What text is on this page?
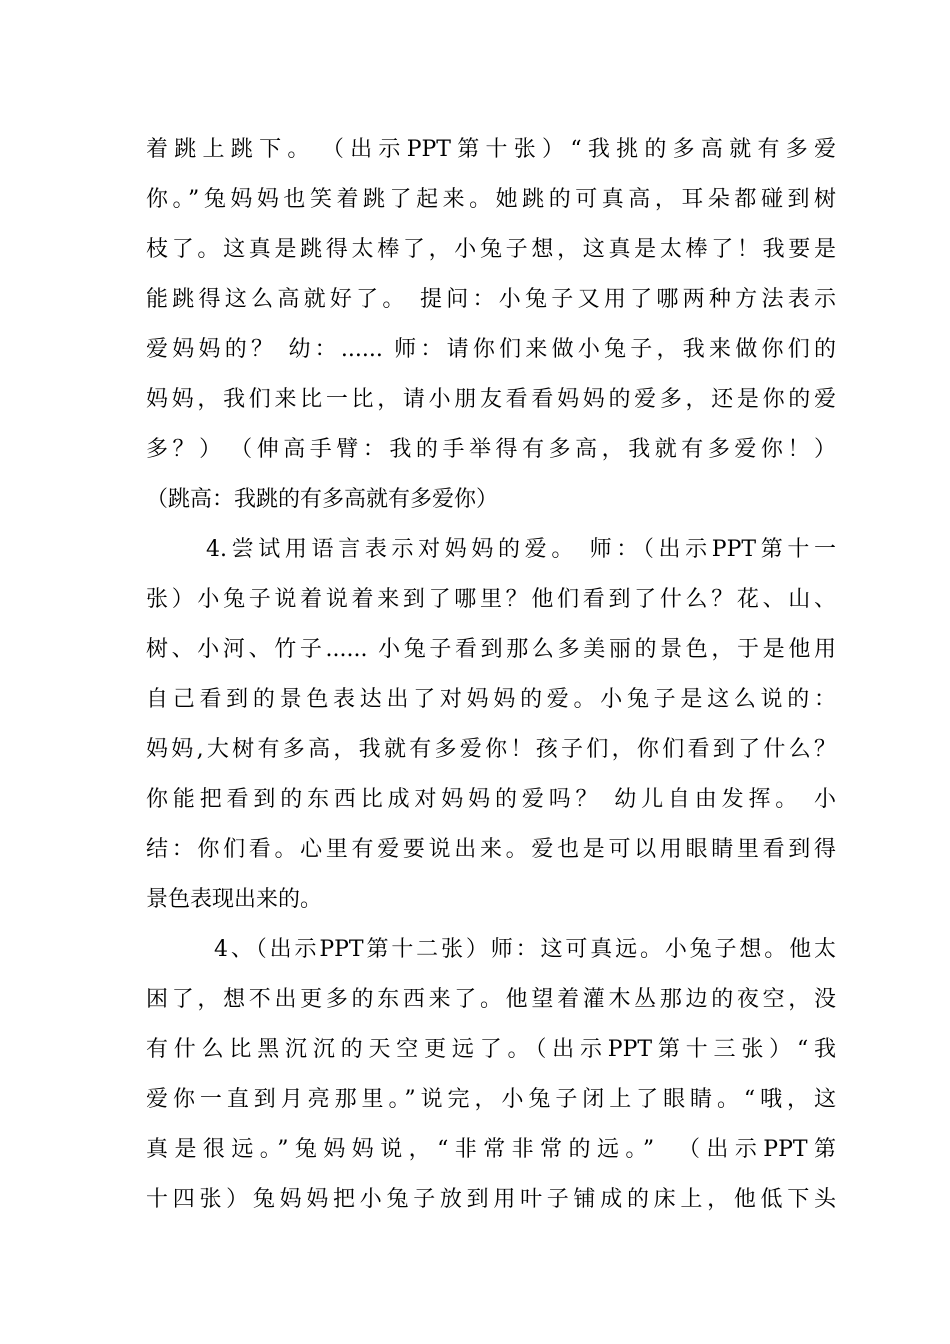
着跳上跳下。　（出示PPT第十张）“我挑的多高就有多爱
你。”兔妈妈也笑着跳了起来。她跳的可真高，耳朵都碰到树
枝了。这真是跳得太棒了，小兔子想，这真是太棒了！我要是
能跳得这么高就好了。 提问：小兔子又用了哪两种方法表示
爱妈妈的？ 幼：...... 师：请你们来做小兔子，我来做你们的
妈妈，我们来比一比，请小朋友看看妈妈的爱多，还是你的爱
多？）　（伸高手臂：我的手举得有多高，我就有多爱你！）
（跳高：我跳的有多高就有多爱你）
4.尝试用语言表示对妈妈的爱。 师：（出示PPT第十一
张）小兔子说着说着来到了哪里？他们看到了什么？花、山、
树、小河、竹子...... 小兔子看到那么多美丽的景色，于是他用
自己看到的景色表达出了对妈妈的爱。小兔子是这么说的：
妈妈,大树有多高，我就有多爱你！孩子们，你们看到了什么？
你能把看到的东西比成对妈妈的爱吗？ 幼儿自由发挥。 小
结：你们看。心里有爱要说出来。爱也是可以用眼睛里看到得
景色表现出来的。
4、（出示PPT第十二张）师：这可真远。小兔子想。他太
困了，想不出更多的东西来了。他望着灌木丛那边的夜空，没
有什么比黑沉沉的天空更远了。（出示PPT第十三张）“我
爱你一直到月亮那里。”说完，小兔子闭上了眼睛。“哦，这
真是很远。”兔妈妈说，“非常非常的远。”　（出示PPT第
十四张）兔妈妈把小兔子放到用叶子铺成的床上，他低下头
